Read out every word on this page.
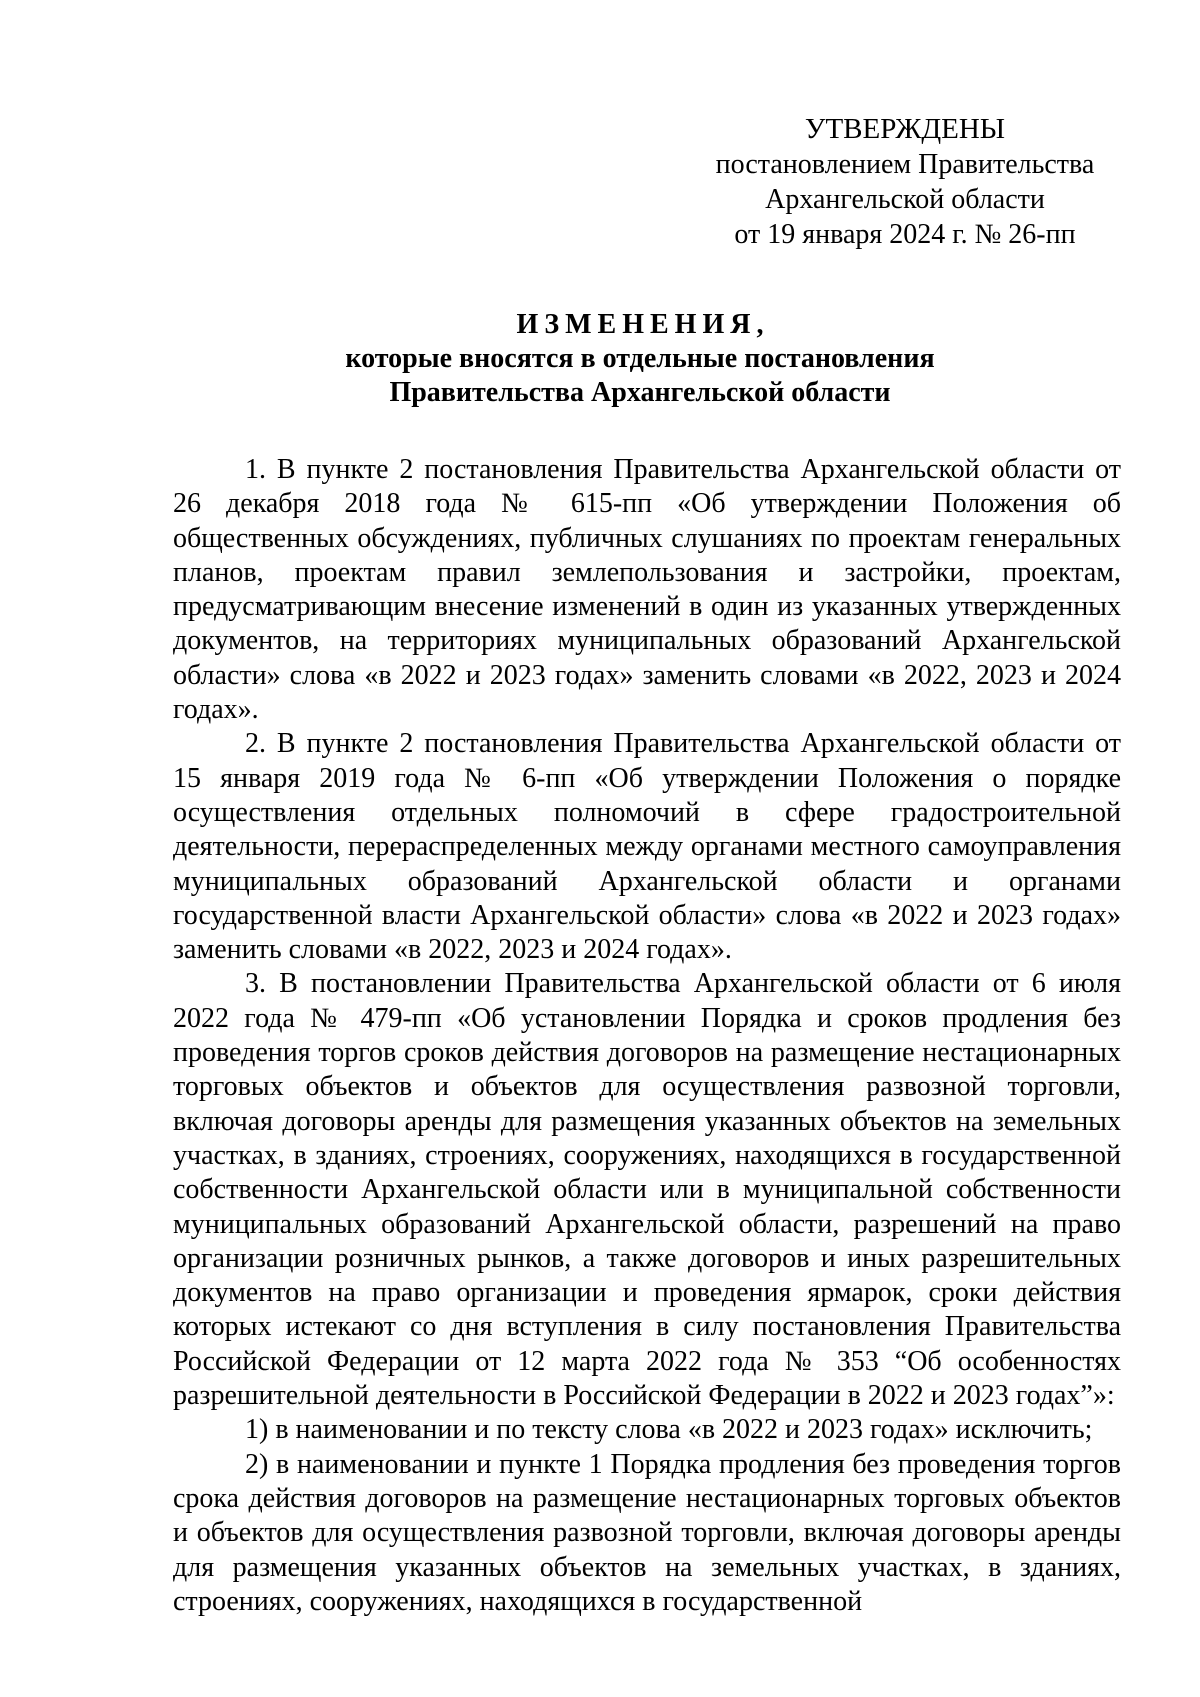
УТВЕРЖДЕНЫ
постановлением Правительства
Архангельской области
от 19 января 2024 г. № 26-пп
ИЗМЕНЕНИЯ,
которые вносятся в отдельные постановления
Правительства Архангельской области

1. В пункте 2 постановления Правительства Архангельской области от 26 декабря 2018 года № 615-пп «Об утверждении Положения об общественных обсуждениях, публичных слушаниях по проектам генеральных планов, проектам правил землепользования и застройки, проектам, предусматривающим внесение изменений в один из указанных утвержденных документов, на территориях муниципальных образований Архангельской области» слова «в 2022 и 2023 годах» заменить словами «в 2022, 2023 и 2024 годах».

2. В пункте 2 постановления Правительства Архангельской области от 15 января 2019 года № 6-пп «Об утверждении Положения о порядке осуществления отдельных полномочий в сфере градостроительной деятельности, перераспределенных между органами местного самоуправления муниципальных образований Архангельской области и органами государственной власти Архангельской области» слова «в 2022 и 2023 годах» заменить словами «в 2022, 2023 и 2024 годах».

3. В постановлении Правительства Архангельской области от 6 июля 2022 года № 479-пп «Об установлении Порядка и сроков продления без проведения торгов сроков действия договоров на размещение нестационарных торговых объектов и объектов для осуществления развозной торговли, включая договоры аренды для размещения указанных объектов на земельных участках, в зданиях, строениях, сооружениях, находящихся в государственной собственности Архангельской области или в муниципальной собственности муниципальных образований Архангельской области, разрешений на право организации розничных рынков, а также договоров и иных разрешительных документов на право организации и проведения ярмарок, сроки действия которых истекают со дня вступления в силу постановления Правительства Российской Федерации от 12 марта 2022 года № 353 “Об особенностях разрешительной деятельности в Российской Федерации в 2022 и 2023 годах”»:

1) в наименовании и по тексту слова «в 2022 и 2023 годах» исключить;

2) в наименовании и пункте 1 Порядка продления без проведения торгов срока действия договоров на размещение нестационарных торговых объектов и объектов для осуществления развозной торговли, включая договоры аренды для размещения указанных объектов на земельных участках, в зданиях, строениях, сооружениях, находящихся в государственной
